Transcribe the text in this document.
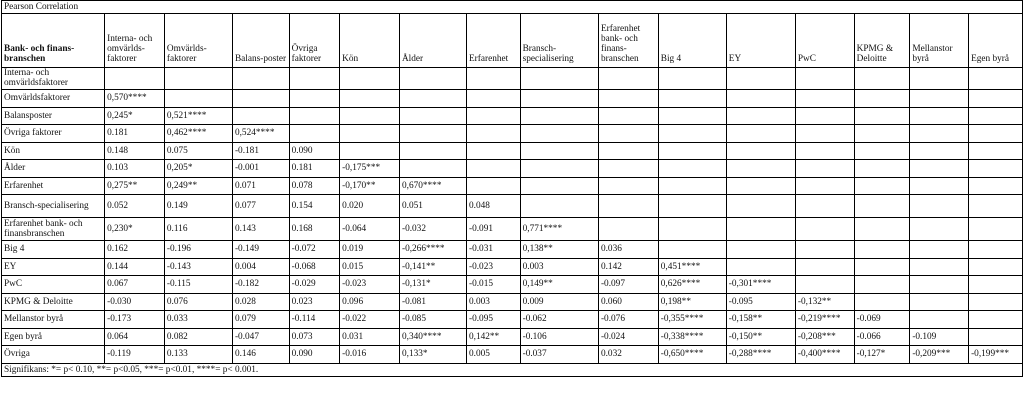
Pearson Correlation															
Bank- och finans-branschen	Interna- och omvärlds-faktorer	Omvärlds-faktorer	Balans-poster	Övriga faktorer	Kön	Ålder	Erfarenhet	Bransch-specialisering	Erfarenhet bank- och finans-branschen	Big 4	EY	PwC	KPMG & Deloitte	Mellanstor byrå	Egen byrå
Interna- och omvärldsfaktorer															
Omvärldsfaktorer	0,570****														
Balansposter	0,245*	0,521****													
Övriga faktorer	0.181	0,462****	0,524****												
Kön	0.148	0.075	-0.181	0.090											
Ålder	0.103	0,205*	-0.001	0.181	-0,175***										
Erfarenhet	0,275**	0,249**	0.071	0.078	-0,170**	0,670****									
Bransch-specialisering	0.052	0.149	0.077	0.154	0.020	0.051	0.048								
Erfarenhet bank- och finansbranschen	0,230*	0.116	0.143	0.168	-0.064	-0.032	-0.091	0,771****							
Big 4	0.162	-0.196	-0.149	-0.072	0.019	-0,266****	-0.031	0,138**	0.036						
EY	0.144	-0.143	0.004	-0.068	0.015	-0,141**	-0.023	0.003	0.142	0,451****					
PwC	0.067	-0.115	-0.182	-0.029	-0.023	-0,131*	-0.015	0,149**	-0.097	0,626****	-0,301****				
KPMG & Deloitte	-0.030	0.076	0.028	0.023	0.096	-0.081	0.003	0.009	0.060	0,198**	-0.095	-0,132**			
Mellanstor byrå	-0.173	0.033	0.079	-0.114	-0.022	-0.085	-0.095	-0.062	-0.076	-0,355****	-0,158**	-0,219****	-0.069		
Egen byrå	0.064	0.082	-0.047	0.073	0.031	0,340****	0,142**	-0.106	-0.024	-0,338****	-0,150**	-0,208***	-0.066	-0.109	
Övriga	-0.119	0.133	0.146	0.090	-0.016	0,133*	0.005	-0.037	0.032	-0,650****	-0,288****	-0,400****	-0,127*	-0,209***	-0,199***
Signifikans: *= p< 0.10, **= p<0.05, ***= p<0.01, ****= p< 0.001.															
